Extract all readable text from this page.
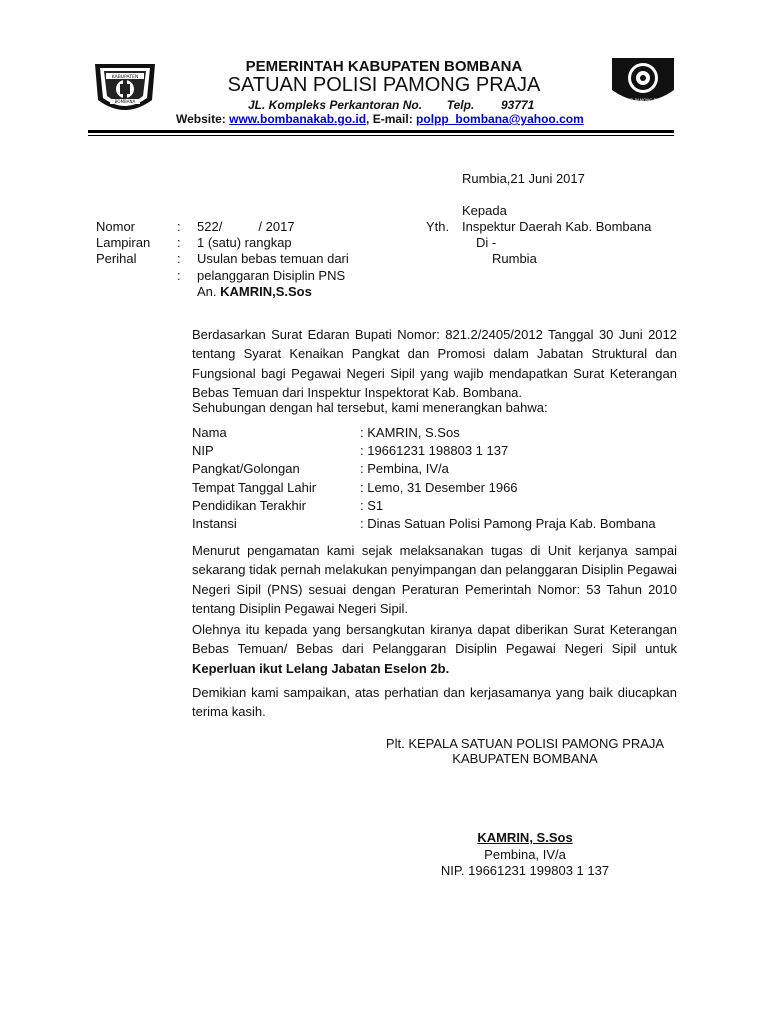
KABUPATEN
BOMBANA	POLISI PAMONG PRAJA
PEMERINTAH KABUPATEN BOMBANA
SATUAN POLISI PAMONG PRAJA
JL. Kompleks Perkantoran No. Telp. 93771
Website: www.bombanakab.go.id, E-mail: polpp_bombana@yahoo.com
Rumbia,21 Juni 2017
Kepada
Yth. Inspektur Daerah Kab. Bombana
Di -
Rumbia
Nomor	: 522/          / 2017
Lampiran : 1 (satu) rangkap
Perihal	: Usulan bebas temuan dari
: pelanggaran Disiplin PNS
An. KAMRIN,S.Sos
Berdasarkan Surat Edaran Bupati Nomor: 821.2/2405/2012 Tanggal 30 Juni 2012 tentang Syarat Kenaikan Pangkat dan Promosi dalam Jabatan Struktural dan Fungsional bagi Pegawai Negeri Sipil yang wajib mendapatkan Surat Keterangan Bebas Temuan dari Inspektur Inspektorat Kab. Bombana.
Sehubungan dengan hal tersebut, kami menerangkan bahwa:
Nama	: KAMRIN, S.Sos
NIP	: 19661231 198803 1 137
Pangkat/Golongan	: Pembina, IV/a
Tempat Tanggal Lahir	: Lemo, 31 Desember 1966
Pendidikan Terakhir	: S1
Instansi	: Dinas Satuan Polisi Pamong Praja Kab. Bombana
Menurut pengamatan kami sejak melaksanakan tugas di Unit kerjanya sampai sekarang tidak pernah melakukan penyimpangan dan pelanggaran Disiplin Pegawai Negeri Sipil (PNS) sesuai dengan Peraturan Pemerintah Nomor: 53 Tahun 2010 tentang Disiplin Pegawai Negeri Sipil.
Olehnya itu kepada yang bersangkutan kiranya dapat diberikan Surat Keterangan Bebas Temuan/ Bebas dari Pelanggaran Disiplin Pegawai Negeri Sipil untuk Keperluan ikut Lelang Jabatan Eselon 2b.
Demikian kami sampaikan, atas perhatian dan kerjasamanya yang baik diucapkan terima kasih.
Plt. KEPALA SATUAN POLISI PAMONG PRAJA
KABUPATEN BOMBANA
KAMRIN, S.Sos
Pembina, IV/a
NIP. 19661231 199803 1 137
